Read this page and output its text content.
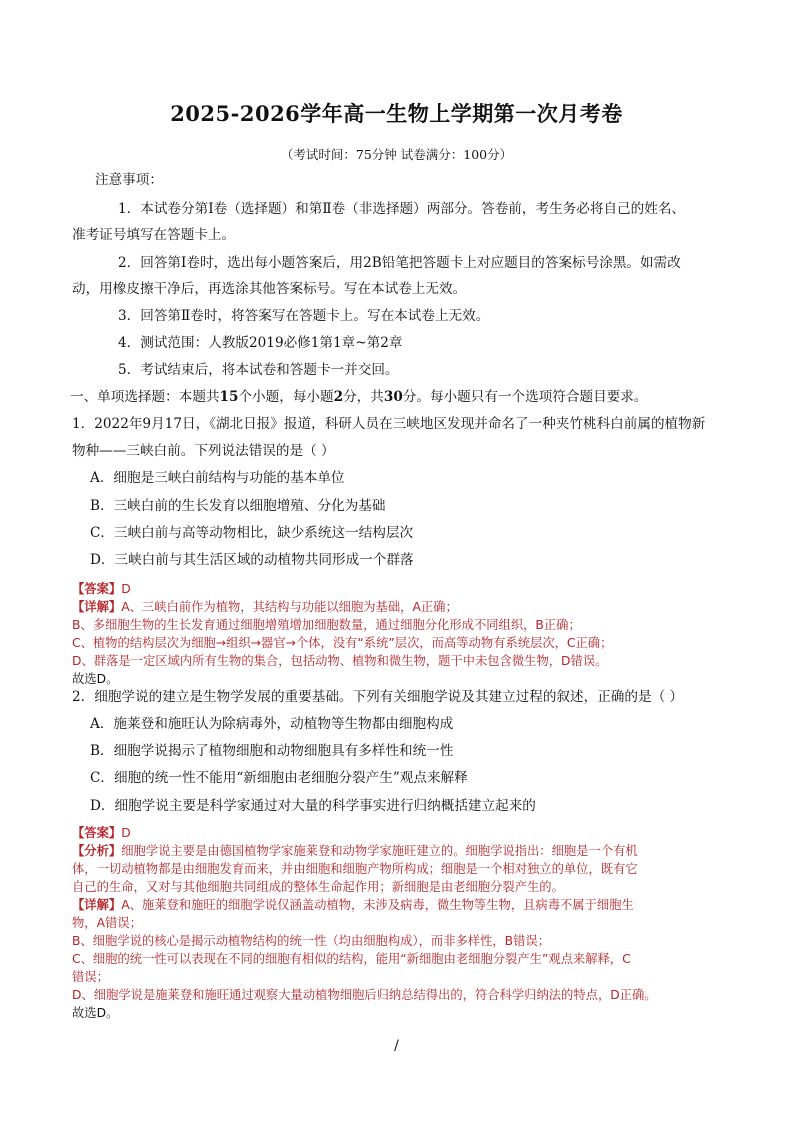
2025-2026学年高一生物上学期第一次月考卷
（考试时间：75分钟 试卷满分：100分）
注意事项：
1．本试卷分第Ⅰ卷（选择题）和第Ⅱ卷（非选择题）两部分。答卷前，考生务必将自己的姓名、
准考证号填写在答题卡上。
2．回答第Ⅰ卷时，选出每小题答案后，用2B铅笔把答题卡上对应题目的答案标号涂黑。如需改
动，用橡皮擦干净后，再选涂其他答案标号。写在本试卷上无效。
3．回答第Ⅱ卷时，将答案写在答题卡上。写在本试卷上无效。
4．测试范围：人教版2019必修1第1章~第2章
5．考试结束后，将本试卷和答题卡一并交回。
一、单项选择题：本题共15个小题，每小题2分，共30分。每小题只有一个选项符合题目要求。
1．2022年9月17日，《湖北日报》报道，科研人员在三峡地区发现并命名了一种夹竹桃科白前属的植物新
物种——三峡白前。下列说法错误的是（ ）
A．细胞是三峡白前结构与功能的基本单位
B．三峡白前的生长发育以细胞增殖、分化为基础
C．三峡白前与高等动物相比，缺少系统这一结构层次
D．三峡白前与其生活区域的动植物共同形成一个群落
【答案】D
【详解】A、三峡白前作为植物，其结构与功能以细胞为基础，A正确；
B、多细胞生物的生长发育通过细胞增殖增加细胞数量，通过细胞分化形成不同组织，B正确；
C、植物的结构层次为细胞→组织→器官→个体，没有“系统”层次，而高等动物有系统层次，C正确；
D、群落是一定区域内所有生物的集合，包括动物、植物和微生物，题干中未包含微生物，D错误。
故选D。
2．细胞学说的建立是生物学发展的重要基础。下列有关细胞学说及其建立过程的叙述，正确的是（ ）
A．施莱登和施旺认为除病毒外，动植物等生物都由细胞构成
B．细胞学说揭示了植物细胞和动物细胞具有多样性和统一性
C．细胞的统一性不能用“新细胞由老细胞分裂产生”观点来解释
D．细胞学说主要是科学家通过对大量的科学事实进行归纳概括建立起来的
【答案】D
【分析】细胞学说主要是由德国植物学家施莱登和动物学家施旺建立的。细胞学说指出：细胞是一个有机
体，一切动植物都是由细胞发育而来，并由细胞和细胞产物所构成；细胞是一个相对独立的单位，既有它
自己的生命，又对与其他细胞共同组成的整体生命起作用；新细胞是由老细胞分裂产生的。
【详解】A、施莱登和施旺的细胞学说仅涵盖动植物，未涉及病毒，微生物等生物，且病毒不属于细胞生
物，A错误；
B、细胞学说的核心是揭示动植物结构的统一性（均由细胞构成），而非多样性，B错误；
C、细胞的统一性可以表现在不同的细胞有相似的结构，能用“新细胞由老细胞分裂产生”观点来解释，C
错误；
D、细胞学说是施莱登和施旺通过观察大量动植物细胞后归纳总结得出的，符合科学归纳法的特点，D正确。
故选D。
/
